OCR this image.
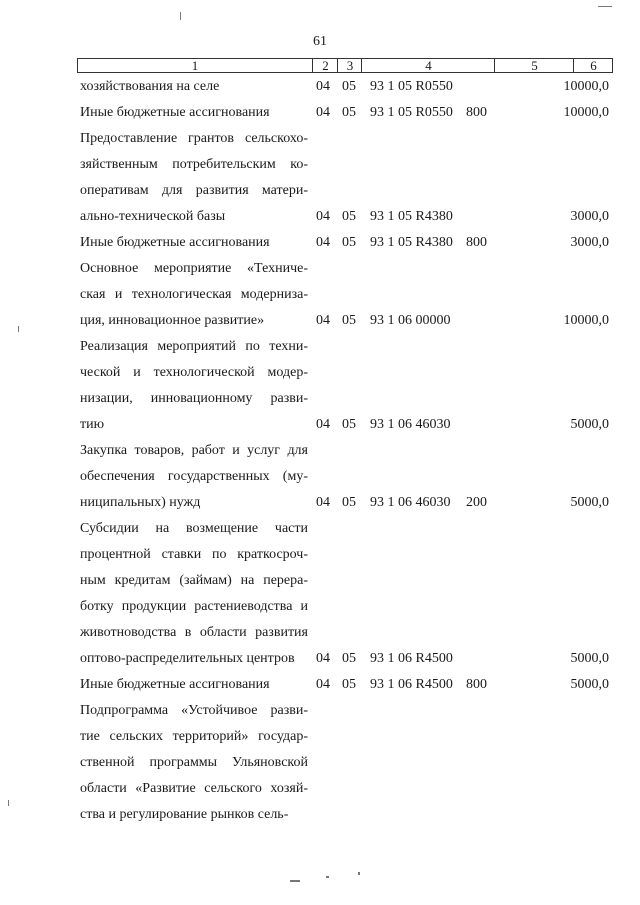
61
1	2	3	4	5	6
хозяйствования на селе	04 05 93 1 05 R0550	10000,0
Иные бюджетные ассигнования	04 05 93 1 05 R0550 800	10000,0
Предоставление грантов сельскохо-
зяйственным потребительским ко-
оперативам для развития матери-
ально-технической базы	04 05 93 1 05 R4380	3000,0
Иные бюджетные ассигнования	04 05 93 1 05 R4380 800	3000,0
Основное мероприятие «Техниче-
ская и технологическая модерниза-
ция, инновационное развитие»	04 05 93 1 06 00000	10000,0
Реализация мероприятий по техни-
ческой и технологической модер-
низации, инновационному разви-
тию	04 05 93 1 06 46030	5000,0
Закупка товаров, работ и услуг для
обеспечения государственных (му-
ниципальных) нужд	04 05 93 1 06 46030 200	5000,0
Субсидии на возмещение части
процентной ставки по краткосроч-
ным кредитам (займам) на перера-
ботку продукции растениеводства и
животноводства в области развития
оптово-распределительных центров	04 05 93 1 06 R4500	5000,0
Иные бюджетные ассигнования	04 05 93 1 06 R4500 800	5000,0
Подпрограмма «Устойчивое разви-
тие сельских территорий» государ-
ственной программы Ульяновской
области «Развитие сельского хозяй-
ства и регулирование рынков сель-
